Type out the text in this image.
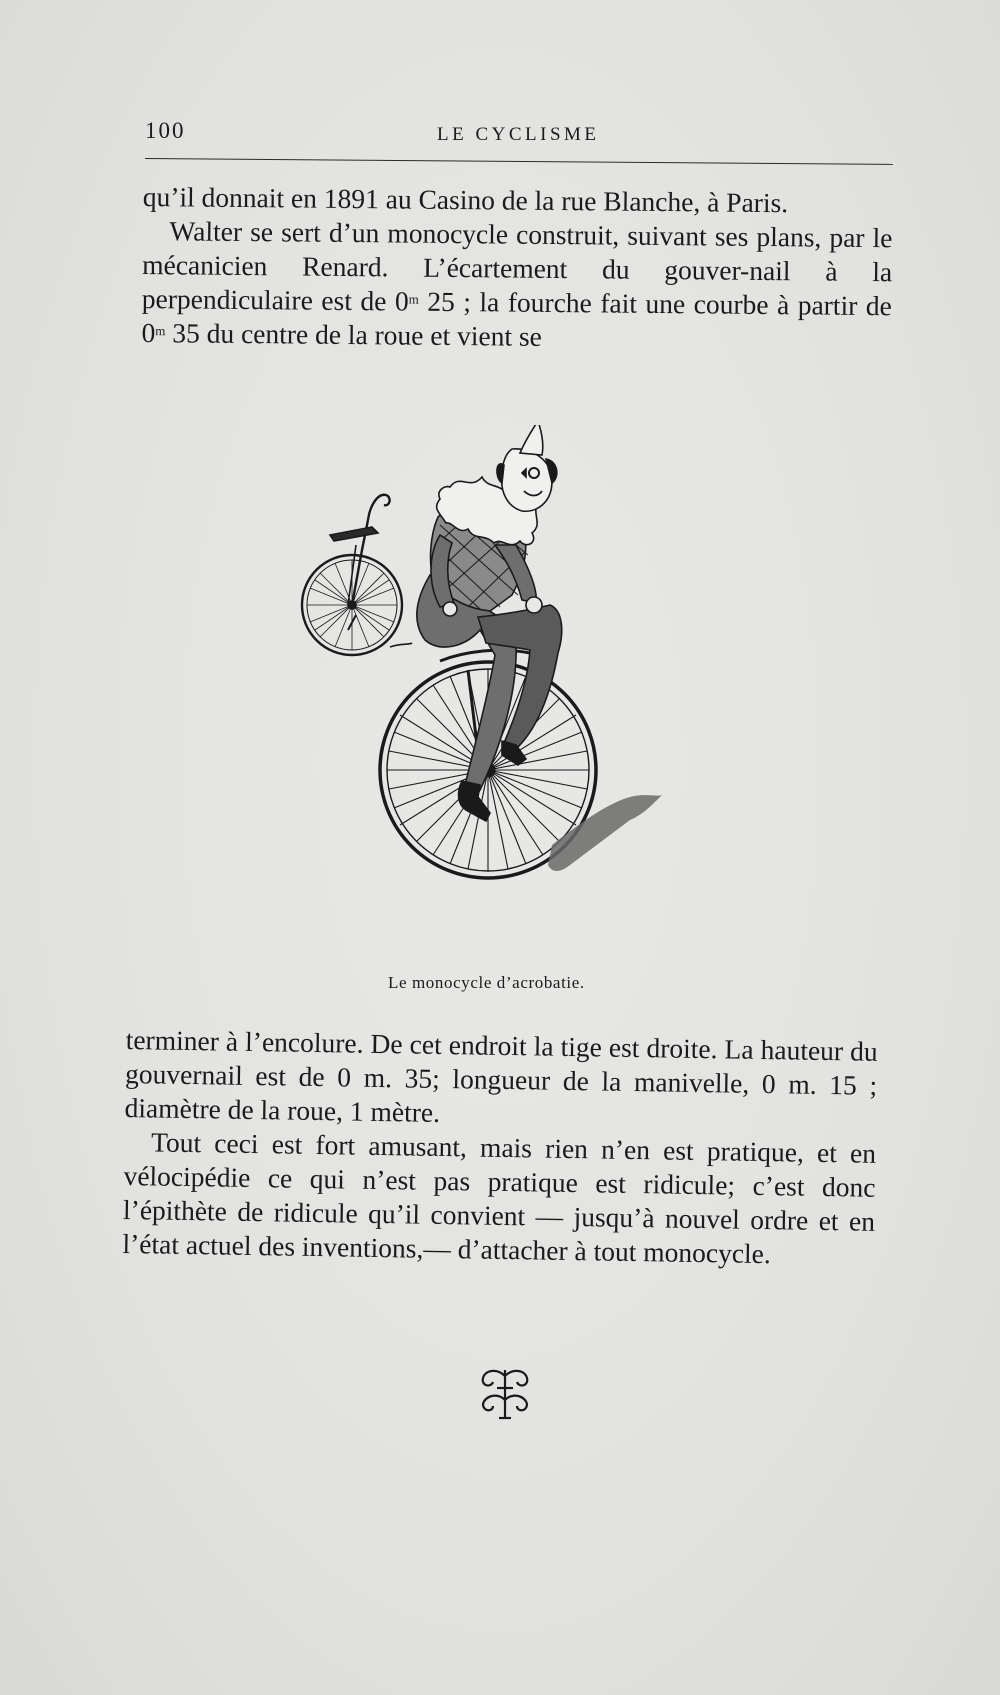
100	LE CYCLISME

qu’il donnait en 1891 au Casino de la rue Blanche, à Paris.

Walter se sert d’un monocycle construit, suivant ses plans, par le mécanicien Renard. L’écartement du gouver-nail à la perpendiculaire est de 0$^m$ 25 ; la fourche fait une courbe à partir de 0$^m$ 35 du centre de la roue et vient se

Le monocycle d’acrobatie.

terminer à l’encolure. De cet endroit la tige est droite. La hauteur du gouvernail est de 0 m. 35; longueur de la manivelle, 0 m. 15 ; diamètre de la roue, 1 mètre.

Tout ceci est fort amusant, mais rien n’en est pratique, et en vélocipédie ce qui n’est pas pratique est ridicule; c’est donc l’épithète de ridicule qu’il convient — jusqu’à nouvel ordre et en l’état actuel des inventions,— d’attacher à tout monocycle.
